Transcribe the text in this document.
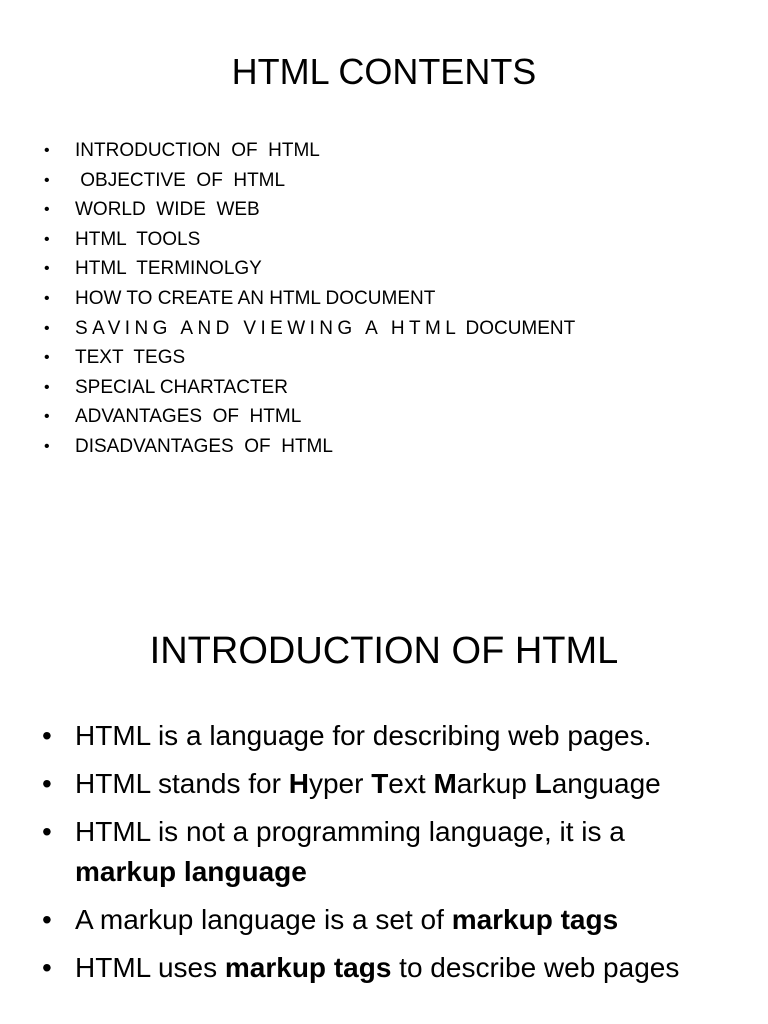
HTML CONTENTS
• INTRODUCTION  OF  HTML
• OBJECTIVE  OF  HTML
• WORLD  WIDE  WEB
• HTML  TOOLS
• HTML  TERMINOLGY
• HOW TO CREATE AN HTML DOCUMENT
• SAVING AND VIEWING A HTML DOCUMENT
• TEXT  TEGS
• SPECIAL CHARTACTER
• ADVANTAGES  OF  HTML
• DISADVANTAGES  OF  HTML
INTRODUCTION OF HTML
• HTML is a language for describing web pages.
• HTML stands for Hyper Text Markup Language
• HTML is not a programming language, it is a markup language
• A markup language is a set of markup tags
• HTML uses markup tags to describe web pages
